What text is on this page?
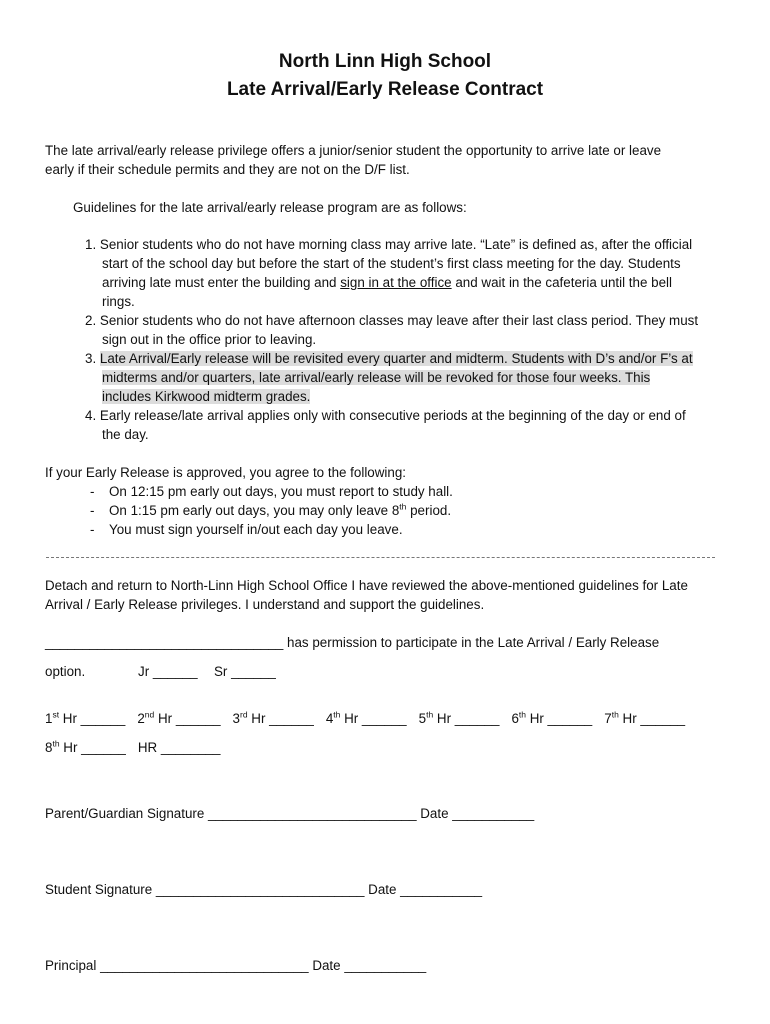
North Linn High School
Late Arrival/Early Release Contract
The late arrival/early release privilege offers a junior/senior student the opportunity to arrive late or leave
early if their schedule permits and they are not on the D/F list.
Guidelines for the late arrival/early release program are as follows:
1. Senior students who do not have morning class may arrive late. “Late” is defined as, after the official
start of the school day but before the start of the student’s first class meeting for the day. Students
arriving late must enter the building and sign in at the office and wait in the cafeteria until the bell
rings.
2. Senior students who do not have afternoon classes may leave after their last class period. They must
sign out in the office prior to leaving.
3. Late Arrival/Early release will be revisited every quarter and midterm. Students with D’s and/or F’s at
midterms and/or quarters, late arrival/early release will be revoked for those four weeks. This
includes Kirkwood midterm grades.
4. Early release/late arrival applies only with consecutive periods at the beginning of the day or end of
the day.
If your Early Release is approved, you agree to the following:
- On 12:15 pm early out days, you must report to study hall.
- On 1:15 pm early out days, you may only leave 8th period.
- You must sign yourself in/out each day you leave.
Detach and return to North-Linn High School Office I have reviewed the above-mentioned guidelines for Late
Arrival / Early Release privileges. I understand and support the guidelines.
________________________________ has permission to participate in the Late Arrival / Early Release
option.	Jr ______ Sr ______
1st Hr ______ 2nd Hr ______ 3rd Hr ______ 4th Hr ______ 5th Hr ______ 6th Hr ______ 7th Hr ______
8th Hr ______ HR ________
Parent/Guardian Signature ____________________________ Date ___________
Student Signature ____________________________ Date ___________
Principal ____________________________ Date ___________
